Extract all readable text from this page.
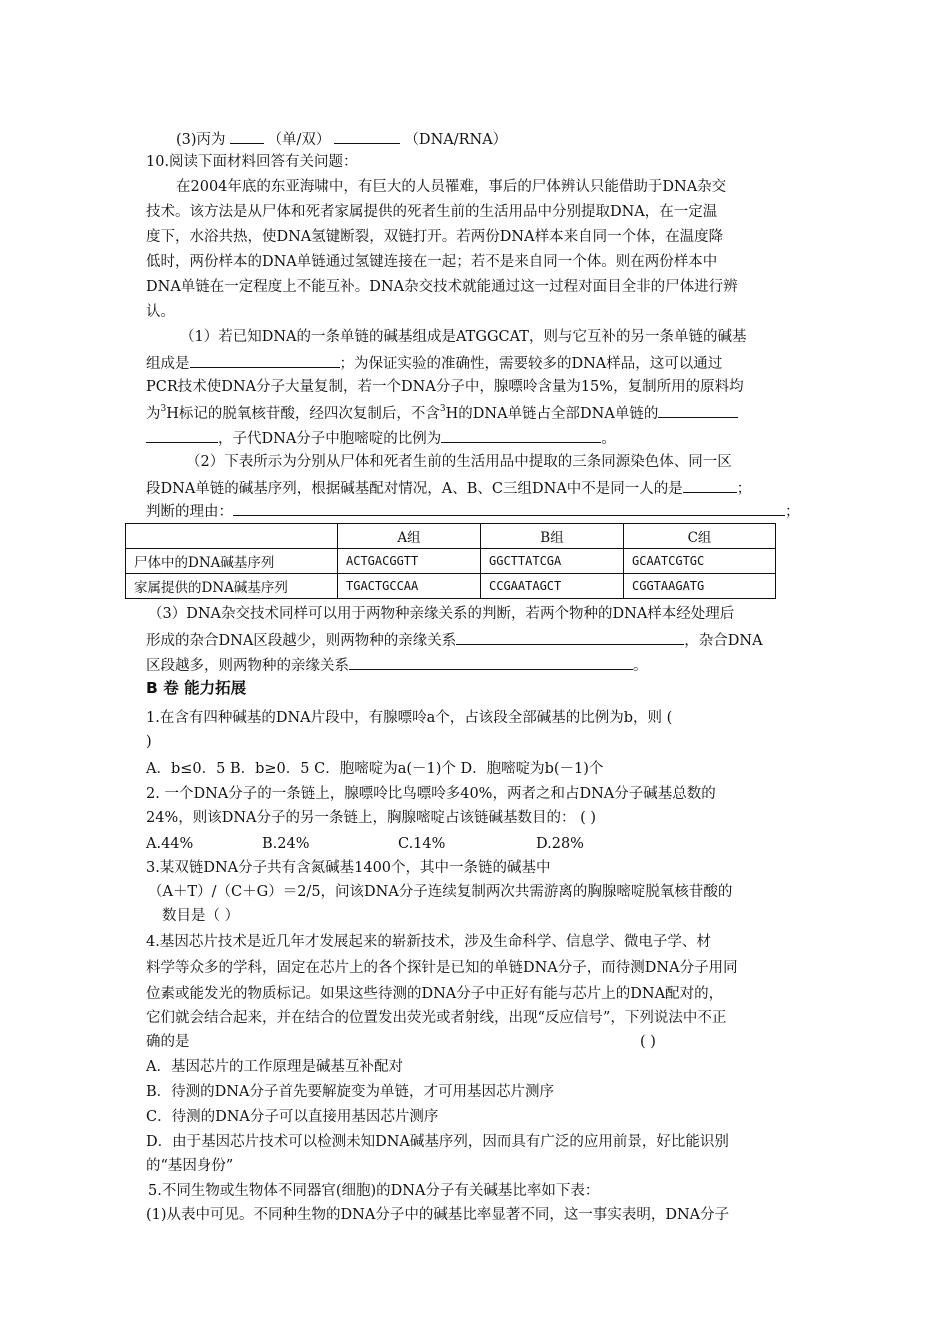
(3)丙为	（单/双）	（DNA/RNA）
10.阅读下面材料回答有关问题：
在2004年底的东亚海啸中，有巨大的人员罹难，事后的尸体辨认只能借助于DNA杂交
技术。该方法是从尸体和死者家属提供的死者生前的生活用品中分别提取DNA，在一定温
度下，水浴共热，使DNA氢键断裂，双链打开。若两份DNA样本来自同一个体，在温度降
低时，两份样本的DNA单链通过氢键连接在一起；若不是来自同一个体。则在两份样本中
DNA单链在一定程度上不能互补。DNA杂交技术就能通过这一过程对面目全非的尸体进行辨
认。
（1）若已知DNA的一条单链的碱基组成是ATGGCAT，则与它互补的另一条单链的碱基
组成是	；为保证实验的准确性，需要较多的DNA样品，这可以通过
PCR技术使DNA分子大量复制，若一个DNA分子中，腺嘌呤含量为15%，复制所用的原料均
为$^3$H标记的脱氧核苷酸，经四次复制后，不含$^3$H的DNA单链占全部DNA单链的
，子代DNA分子中胞嘧啶的比例为	。
（2）下表所示为分别从尸体和死者生前的生活用品中提取的三条同源染色体、同一区
段DNA单链的碱基序列，根据碱基配对情况，A、B、C三组DNA中不是同一人的是	；
判断的理由：	；
	A组	B组	C组
尸体中的DNA碱基序列	ACTGACGGTT	GGCTTATCGA	GCAATCGTGC
家属提供的DNA碱基序列	TGACTGCCAA	CCGAATAGCT	CGGTAAGATG
（3）DNA杂交技术同样可以用于两物种亲缘关系的判断，若两个物种的DNA样本经处理后
形成的杂合DNA区段越少，则两物种的亲缘关系	，杂合DNA
区段越多，则两物种的亲缘关系	。
B 卷 能力拓展
1.在含有四种碱基的DNA片段中，有腺嘌呤a个，占该段全部碱基的比例为b，则 (
)
A．b≤0．5 B．b≥0．5 C．胞嘧啶为a(－1)个 D．胞嘧啶为b(－1)个
2. 一个DNA分子的一条链上，腺嘌呤比鸟嘌呤多40%，两者之和占DNA分子碱基总数的
24%，则该DNA分子的另一条链上，胸腺嘧啶占该链碱基数目的： ( )
A.44%	B.24%	C.14%	D.28%
3.某双链DNA分子共有含氮碱基1400个，其中一条链的碱基中
（A＋T）/（C＋G）＝2/5，问该DNA分子连续复制两次共需游离的胸腺嘧啶脱氧核苷酸的
数目是（ ）
4.基因芯片技术是近几年才发展起来的崭新技术，涉及生命科学、信息学、微电子学、材
料学等众多的学科，固定在芯片上的各个探针是已知的单链DNA分子，而待测DNA分子用同
位素或能发光的物质标记。如果这些待测的DNA分子中正好有能与芯片上的DNA配对的，
它们就会结合起来，并在结合的位置发出荧光或者射线，出现“反应信号”，下列说法中不正
确的是	( )
A．基因芯片的工作原理是碱基互补配对
B．待测的DNA分子首先要解旋变为单链，才可用基因芯片测序
C．待测的DNA分子可以直接用基因芯片测序
D．由于基因芯片技术可以检测未知DNA碱基序列，因而具有广泛的应用前景，好比能识别
的“基因身份”
5.不同生物或生物体不同器官(细胞)的DNA分子有关碱基比率如下表：
(1)从表中可见。不同种生物的DNA分子中的碱基比率显著不同，这一事实表明，DNA分子
